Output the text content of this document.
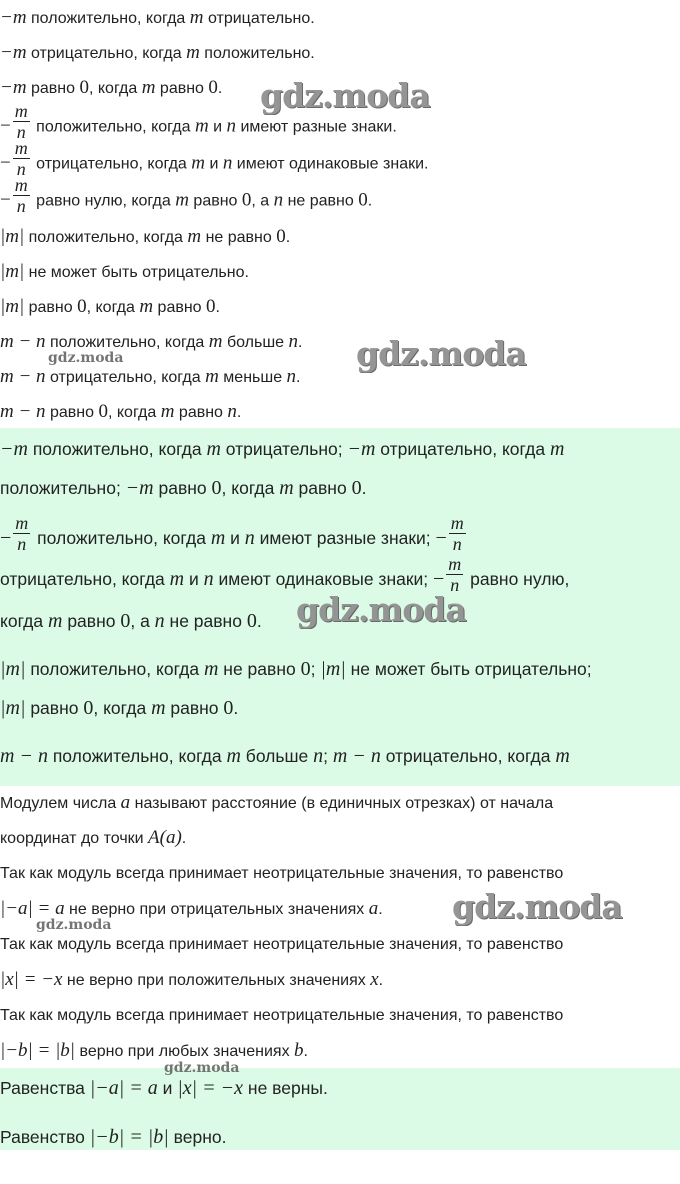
−m положительно, когда m отрицательно.
−m отрицательно, когда m положительно.
−m равно 0, когда m равно 0.
− $\frac{m}{n}$ положительно, когда m и n имеют разные знаки.
− $\frac{m}{n}$ отрицательно, когда m и n имеют одинаковые знаки.
− $\frac{m}{n}$ равно нулю, когда m равно 0, а n не равно 0.
|m| положительно, когда m не равно 0.
|m| не может быть отрицательно.
|m| равно 0, когда m равно 0.
m − n положительно, когда m больше n.
m − n отрицательно, когда m меньше n.
m − n равно 0, когда m равно n.
−m положительно, когда m отрицательно; −m отрицательно, когда m
положительно; −m равно 0, когда m равно 0.
− $\frac{m}{n}$ положительно, когда m и n имеют разные знаки; − $\frac{m}{n}$
отрицательно, когда m и n имеют одинаковые знаки; − $\frac{m}{n}$ равно нулю,
когда m равно 0, а n не равно 0.
|m| положительно, когда m не равно 0; |m| не может быть отрицательно;
|m| равно 0, когда m равно 0.
m − n положительно, когда m больше n; m − n отрицательно, когда m
Модулем числа a называют расстояние (в единичных отрезках) от начала
координат до точки A(a).
Так как модуль всегда принимает неотрицательные значения, то равенство
|−a| = a не верно при отрицательных значениях a.
Так как модуль всегда принимает неотрицательные значения, то равенство
|x| = −x не верно при положительных значениях x.
Так как модуль всегда принимает неотрицательные значения, то равенство
|−b| = |b| верно при любых значениях b.
Равенства |−a| = a и |x| = −x не верны.
Равенство |−b| = |b| верно.
gdz.moda
gdz.moda
gdz.moda
gdz.moda
gdz.moda
gdz.moda
gdz.moda
